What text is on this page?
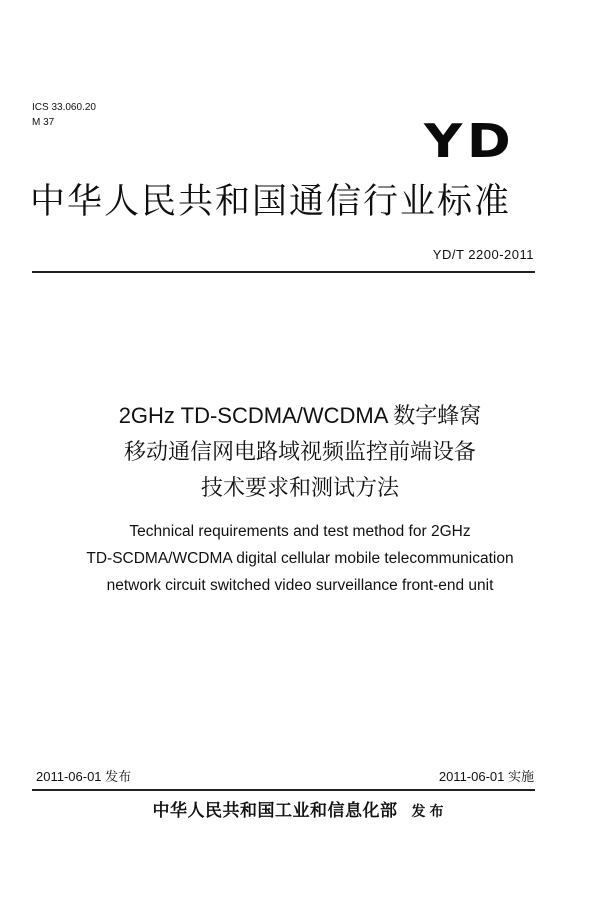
ICS 33.060.20
M 37	YD
中华人民共和国通信行业标准
YD/T 2200-2011
2GHz TD-SCDMA/WCDMA 数字蜂窝
移动通信网电路域视频监控前端设备
技术要求和测试方法
Technical requirements and test method for 2GHz
TD-SCDMA/WCDMA digital cellular mobile telecommunication
network circuit switched video surveillance front-end unit
2011-06-01 发布	2011-06-01 实施
中华人民共和国工业和信息化部 发布
